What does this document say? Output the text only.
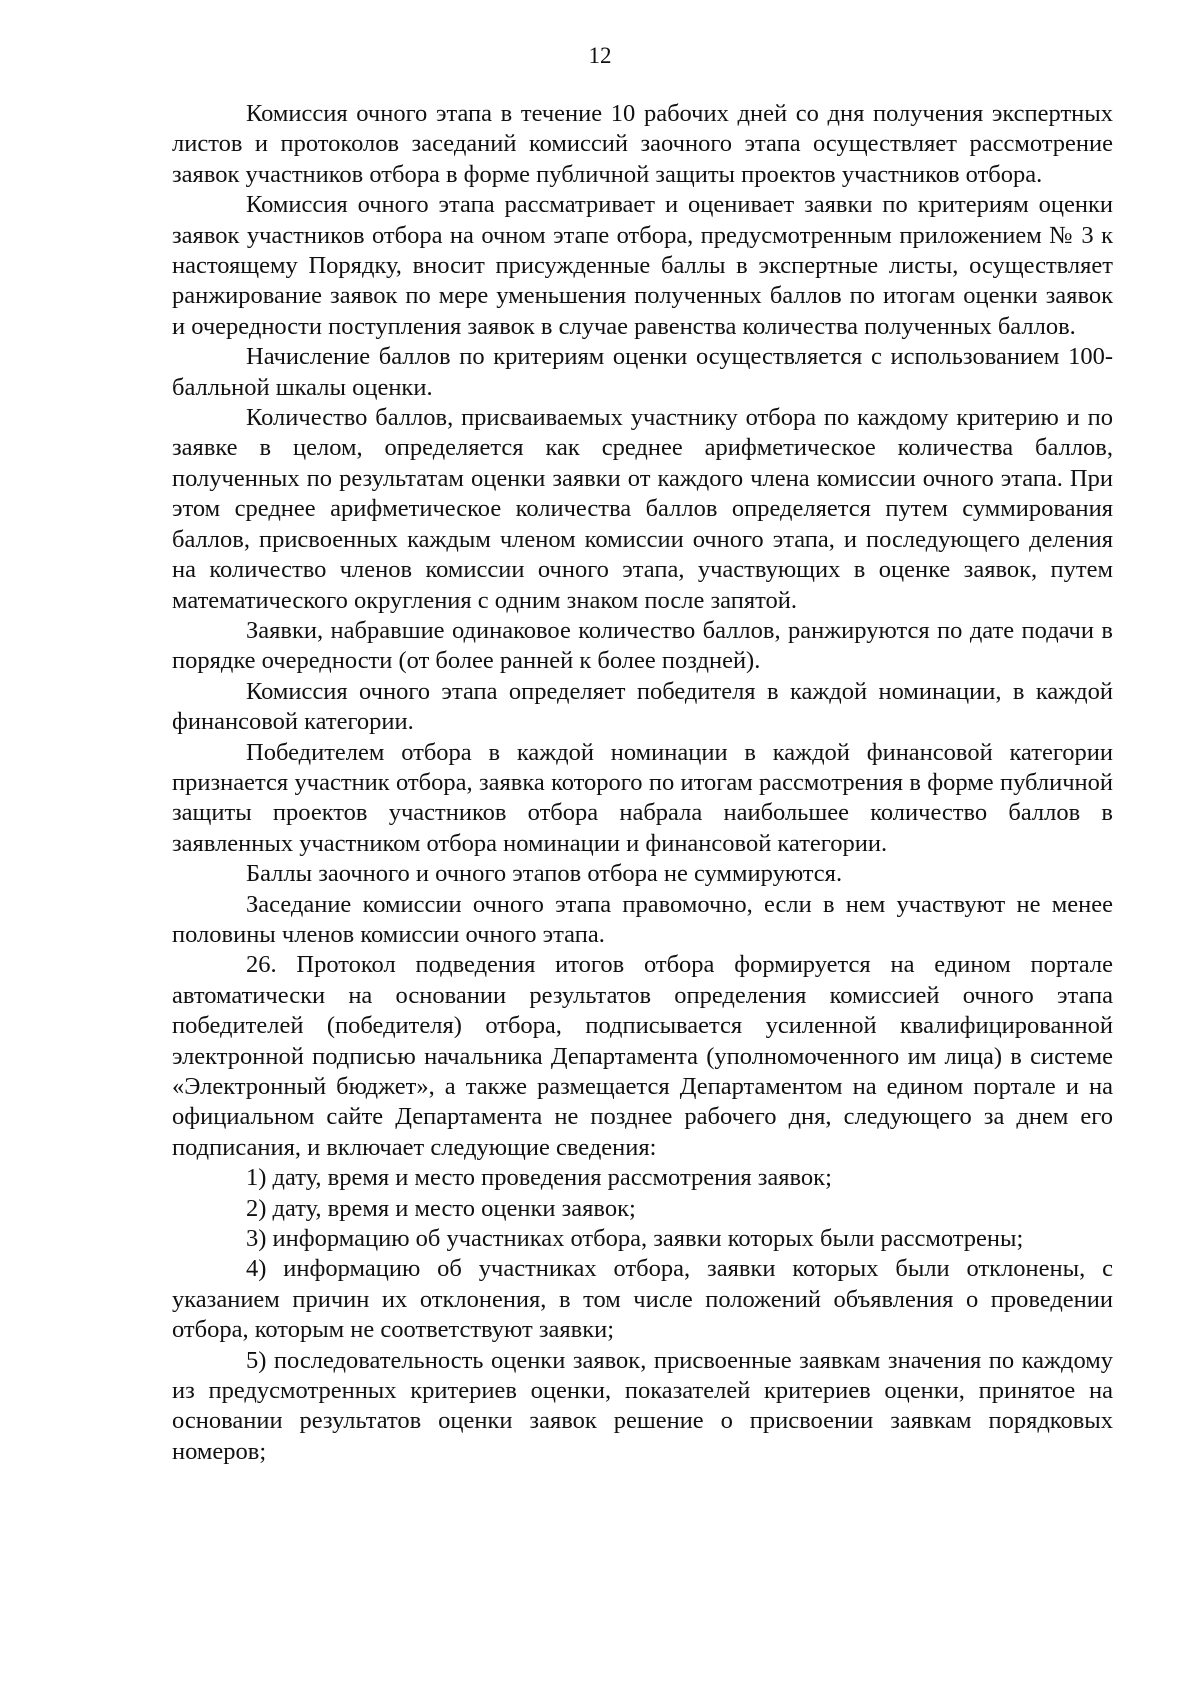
12

Комиссия очного этапа в течение 10 рабочих дней со дня получения экспертных листов и протоколов заседаний комиссий заочного этапа осуществляет рассмотрение заявок участников отбора в форме публичной защиты проектов участников отбора.

Комиссия очного этапа рассматривает и оценивает заявки по критериям оценки заявок участников отбора на очном этапе отбора, предусмотренным приложением № 3 к настоящему Порядку, вносит присужденные баллы в экспертные листы, осуществляет ранжирование заявок по мере уменьшения полученных баллов по итогам оценки заявок и очередности поступления заявок в случае равенства количества полученных баллов.

Начисление баллов по критериям оценки осуществляется с использованием 100-балльной шкалы оценки.

Количество баллов, присваиваемых участнику отбора по каждому критерию и по заявке в целом, определяется как среднее арифметическое количества баллов, полученных по результатам оценки заявки от каждого члена комиссии очного этапа. При этом среднее арифметическое количества баллов определяется путем суммирования баллов, присвоенных каждым членом комиссии очного этапа, и последующего деления на количество членов комиссии очного этапа, участвующих в оценке заявок, путем математического округления с одним знаком после запятой.

Заявки, набравшие одинаковое количество баллов, ранжируются по дате подачи в порядке очередности (от более ранней к более поздней).

Комиссия очного этапа определяет победителя в каждой номинации, в каждой финансовой категории.

Победителем отбора в каждой номинации в каждой финансовой категории признается участник отбора, заявка которого по итогам рассмотрения в форме публичной защиты проектов участников отбора набрала наибольшее количество баллов в заявленных участником отбора номинации и финансовой категории.

Баллы заочного и очного этапов отбора не суммируются.

Заседание комиссии очного этапа правомочно, если в нем участвуют не менее половины членов комиссии очного этапа.

26. Протокол подведения итогов отбора формируется на едином портале автоматически на основании результатов определения комиссией очного этапа победителей (победителя) отбора, подписывается усиленной квалифицированной электронной подписью начальника Департамента (уполномоченного им лица) в системе «Электронный бюджет», а также размещается Департаментом на едином портале и на официальном сайте Департамента не позднее рабочего дня, следующего за днем его подписания, и включает следующие сведения:

1) дату, время и место проведения рассмотрения заявок;

2) дату, время и место оценки заявок;

3) информацию об участниках отбора, заявки которых были рассмотрены;

4) информацию об участниках отбора, заявки которых были отклонены, с указанием причин их отклонения, в том числе положений объявления о проведении отбора, которым не соответствуют заявки;

5) последовательность оценки заявок, присвоенные заявкам значения по каждому из предусмотренных критериев оценки, показателей критериев оценки, принятое на основании результатов оценки заявок решение о присвоении заявкам порядковых номеров;
